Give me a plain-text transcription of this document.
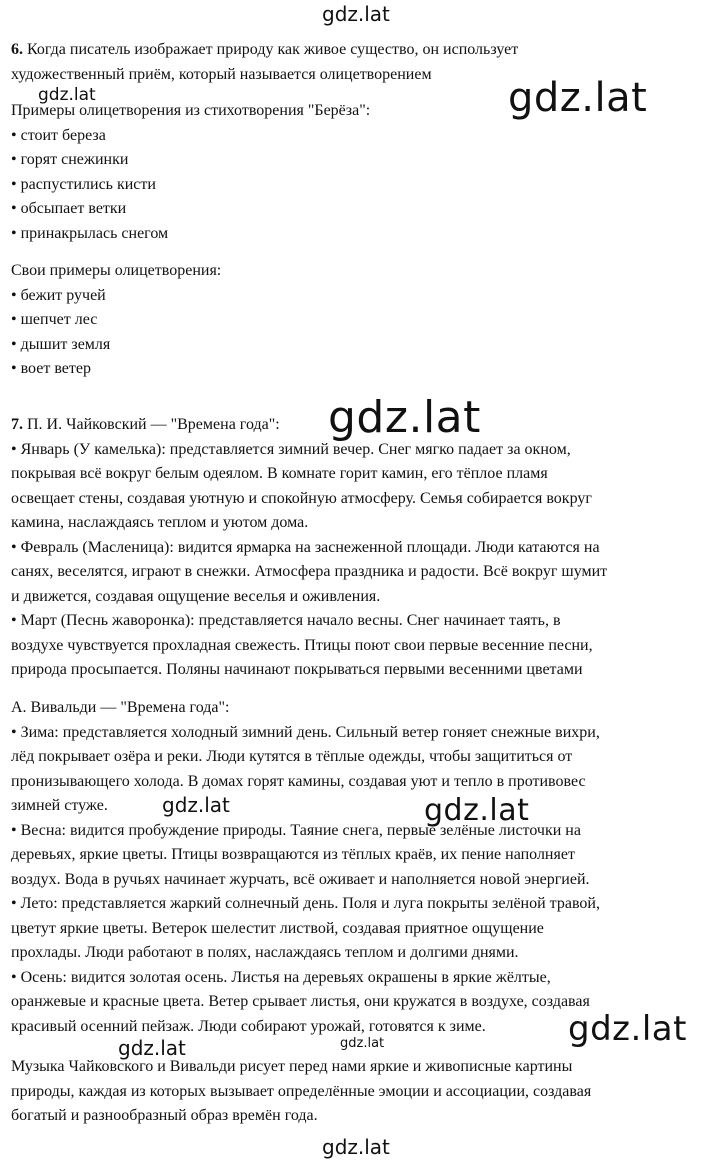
gdz.lat
gdz.lat	gdz.lat
gdz.lat
gdz.lat	gdz.lat
gdz.lat
gdz.lat	gdz.lat
gdz.lat
6. Когда писатель изображает природу как живое существо, он использует
художественный приём, который называется олицетворением
Примеры олицетворения из стихотворения "Берёза":
• стоит береза
• горят снежинки
• распустились кисти
• обсыпает ветки
• принакрылась снегом
Свои примеры олицетворения:
• бежит ручей
• шепчет лес
• дышит земля
• воет ветер
7. П. И. Чайковский — "Времена года":
• Январь (У камелька): представляется зимний вечер. Снег мягко падает за окном,
покрывая всё вокруг белым одеялом. В комнате горит камин, его тёплое пламя
освещает стены, создавая уютную и спокойную атмосферу. Семья собирается вокруг
камина, наслаждаясь теплом и уютом дома.
• Февраль (Масленица): видится ярмарка на заснеженной площади. Люди катаются на
санях, веселятся, играют в снежки. Атмосфера праздника и радости. Всё вокруг шумит
и движется, создавая ощущение веселья и оживления.
• Март (Песнь жаворонка): представляется начало весны. Снег начинает таять, в
воздухе чувствуется прохладная свежесть. Птицы поют свои первые весенние песни,
природа просыпается. Поляны начинают покрываться первыми весенними цветами
А. Вивальди — "Времена года":
• Зима: представляется холодный зимний день. Сильный ветер гоняет снежные вихри,
лёд покрывает озёра и реки. Люди кутятся в тёплые одежды, чтобы защититься от
пронизывающего холода. В домах горят камины, создавая уют и тепло в противовес
зимней стуже.
• Весна: видится пробуждение природы. Таяние снега, первые зелёные листочки на
деревьях, яркие цветы. Птицы возвращаются из тёплых краёв, их пение наполняет
воздух. Вода в ручьях начинает журчать, всё оживает и наполняется новой энергией.
• Лето: представляется жаркий солнечный день. Поля и луга покрыты зелёной травой,
цветут яркие цветы. Ветерок шелестит листвой, создавая приятное ощущение
прохлады. Люди работают в полях, наслаждаясь теплом и долгими днями.
• Осень: видится золотая осень. Листья на деревьях окрашены в яркие жёлтые,
оранжевые и красные цвета. Ветер срывает листья, они кружатся в воздухе, создавая
красивый осенний пейзаж. Люди собирают урожай, готовятся к зиме.
Музыка Чайковского и Вивальди рисует перед нами яркие и живописные картины
природы, каждая из которых вызывает определённые эмоции и ассоциации, создавая
богатый и разнообразный образ времён года.
